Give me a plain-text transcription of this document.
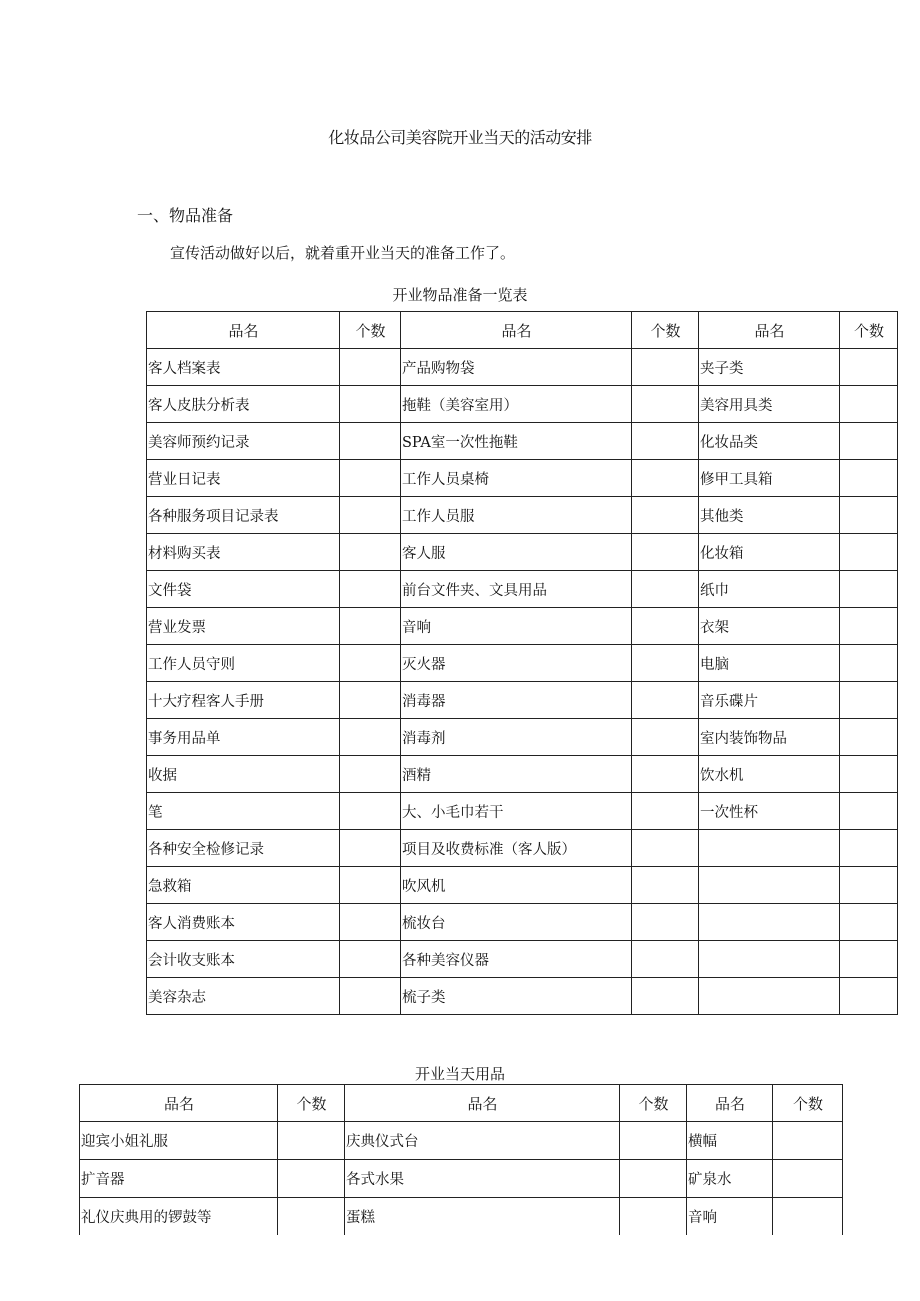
化妆品公司美容院开业当天的活动安排
一、物品准备
宣传活动做好以后，就着重开业当天的准备工作了。
开业物品准备一览表
品名	个数	品名	个数	品名	个数
客人档案表		产品购物袋		夹子类	
客人皮肤分析表		拖鞋（美容室用）		美容用具类	
美容师预约记录		SPA室一次性拖鞋		化妆品类	
营业日记表		工作人员桌椅		修甲工具箱	
各种服务项目记录表		工作人员服		其他类	
材料购买表		客人服		化妆箱	
文件袋		前台文件夹、文具用品		纸巾	
营业发票		音响		衣架	
工作人员守则		灭火器		电脑	
十大疗程客人手册		消毒器		音乐碟片	
事务用品单		消毒剂		室内装饰物品	
收据		酒精		饮水机	
笔		大、小毛巾若干		一次性杯	
各种安全检修记录		项目及收费标准（客人版）			
急救箱		吹风机			
客人消费账本		梳妆台			
会计收支账本		各种美容仪器			
美容杂志		梳子类			
开业当天用品
品名	个数	品名	个数	品名	个数
迎宾小姐礼服		庆典仪式台		横幅	
扩音器		各式水果		矿泉水	
礼仪庆典用的锣鼓等		蛋糕		音响	
